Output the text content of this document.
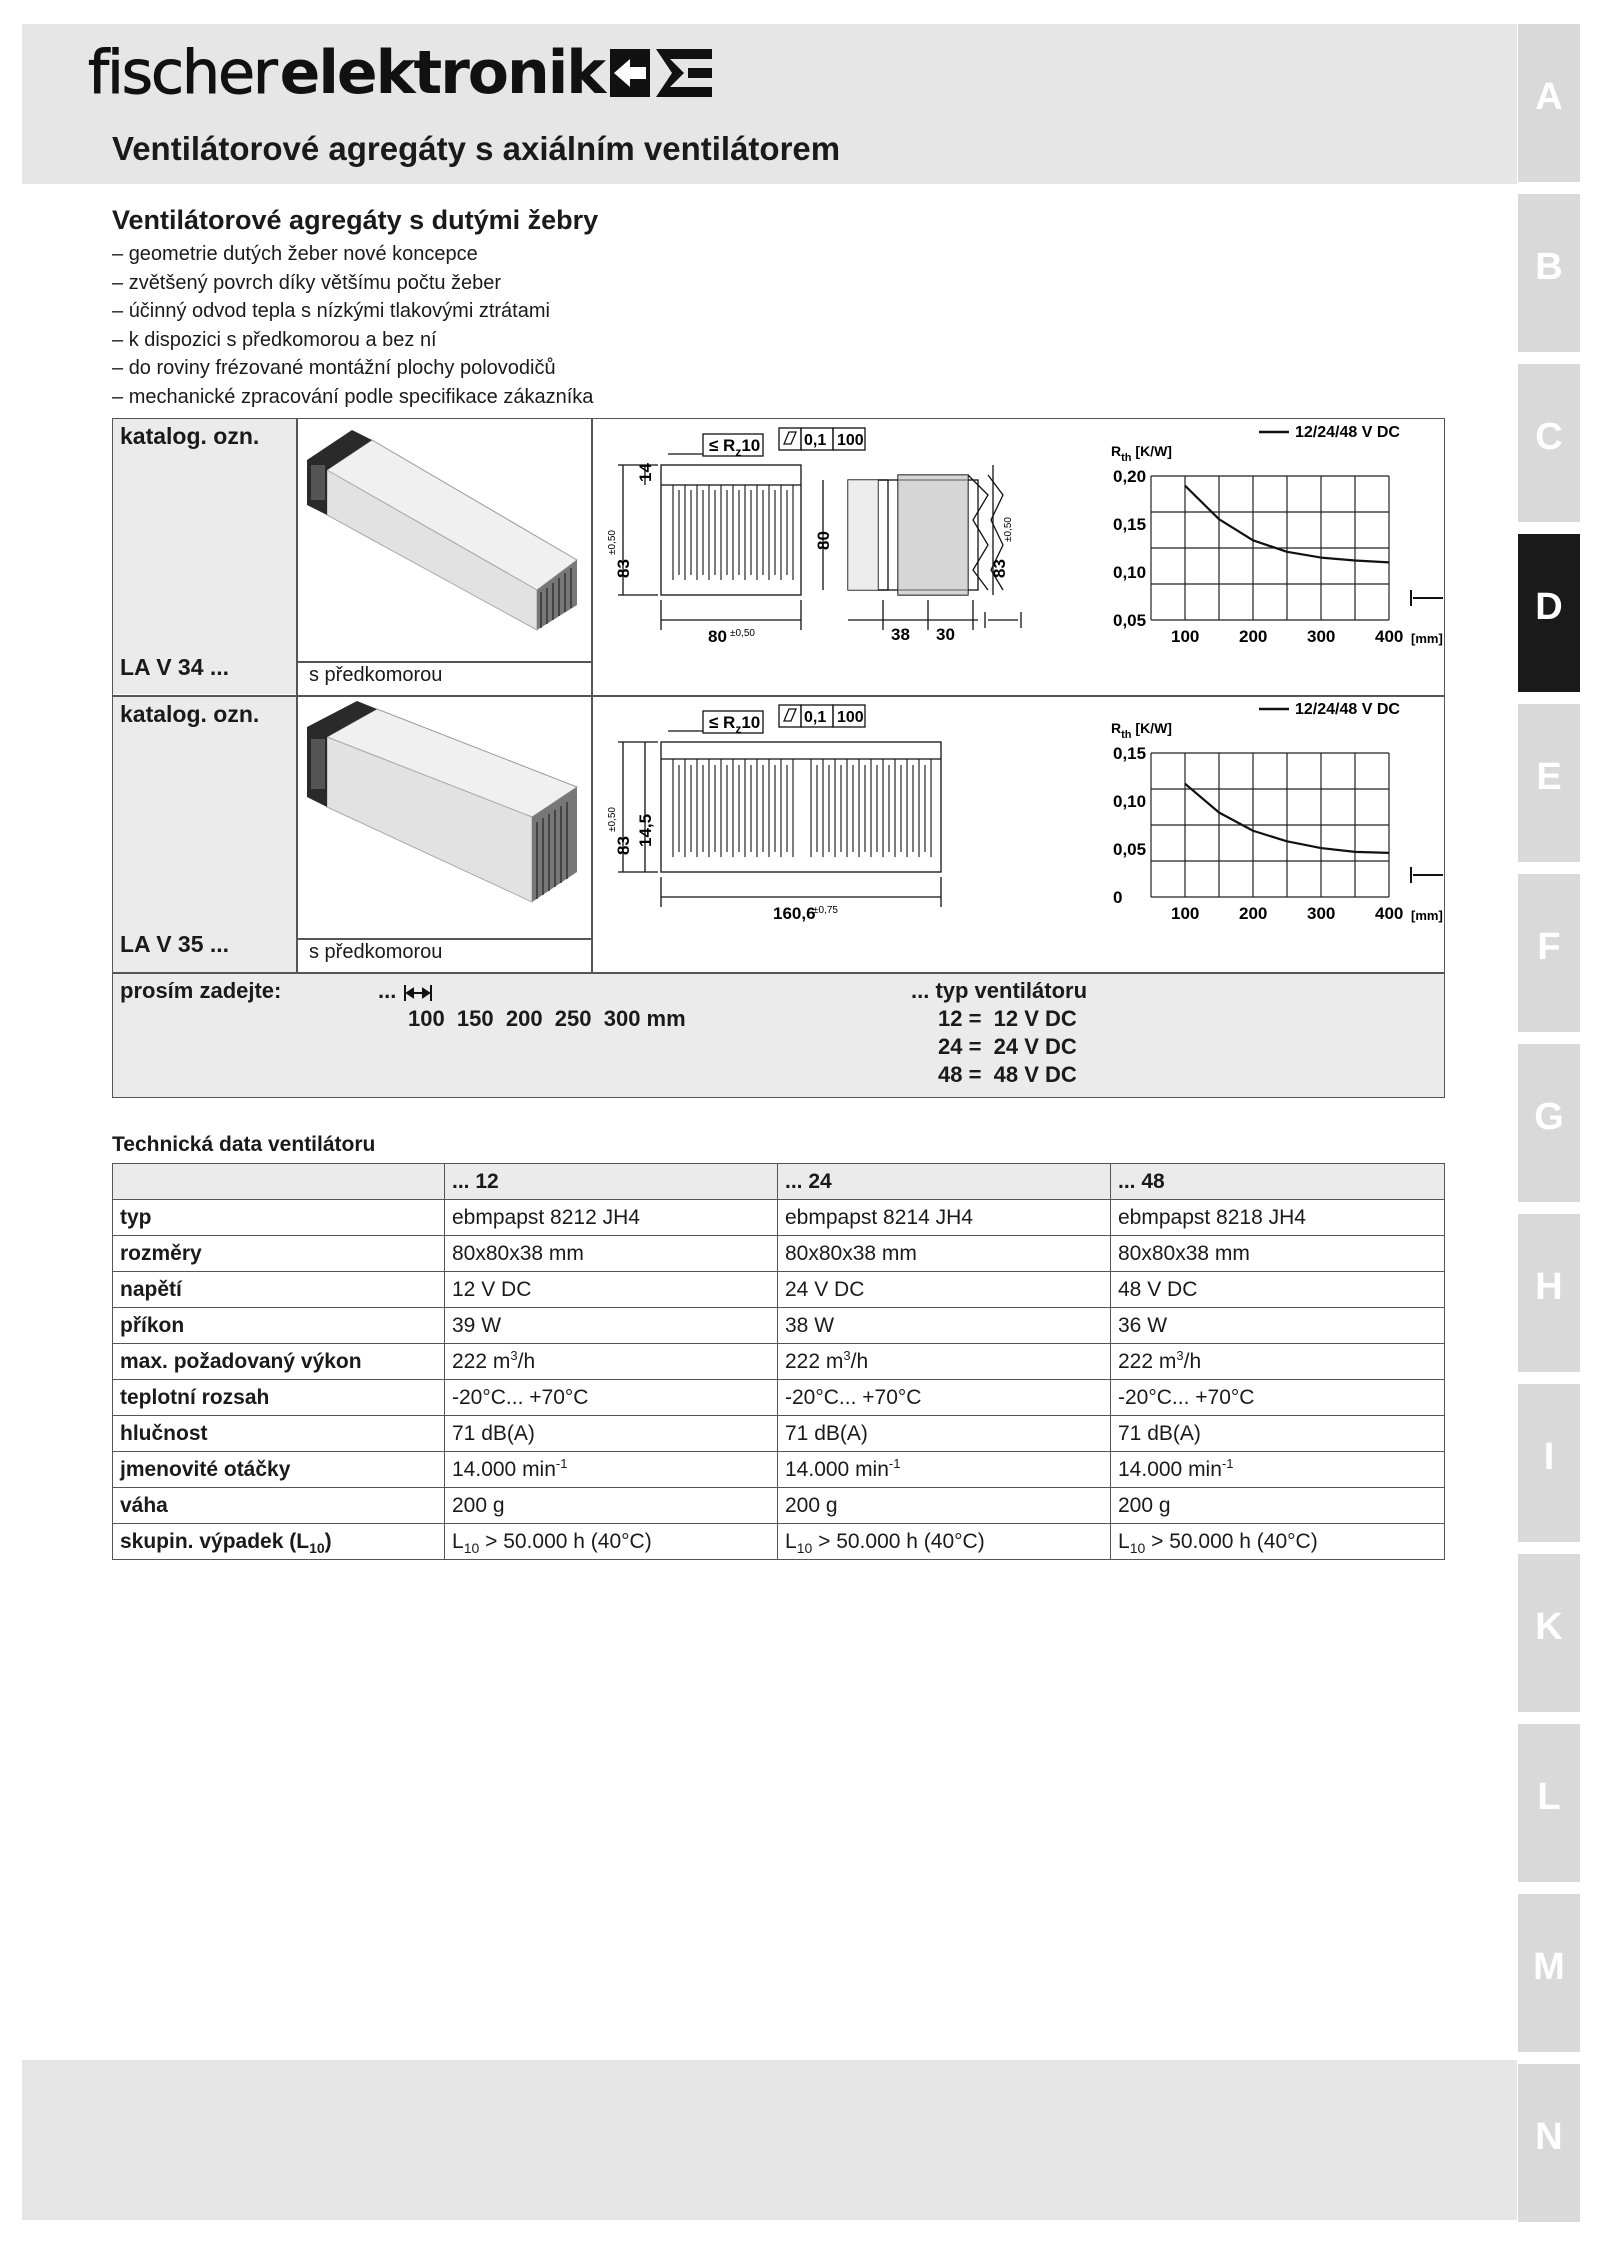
fischer elektronik
Ventilátorové agregáty s axiálním ventilátorem
A
B
C
D
E
F
G
H
I
K
L
M
N
Ventilátorové agregáty s dutými žebry
– geometrie dutých žeber nové koncepce
– zvětšený povrch díky většímu počtu žeber
– účinný odvod tepla s nízkými tlakovými ztrátami
– k dispozici s předkomorou a bez ní
– do roviny frézované montážní plochy polovodičů
– mechanické zpracování podle specifikace zákazníka
katalog. ozn.
LA V 34 ...	s předkomorou
katalog. ozn.
LA V 35 ...	s předkomorou
≤ $R_z10$	0,1 100
80 ±0,50
83
±0,50
14
80
83
±0,50
38 30
≤ $R_z10$	0,1 100
160,6
±0,75
83
±0,50 14,5
0,05
0,10
0,15
0,20
100 200 300 400
$R_{th}$ [K/W]
[mm]
12/24/48 V DC
0
0,05
0,10
0,15
100 200 300 400
$R_{th}$ [K/W]
[mm]
12/24/48 V DC
prosím zadejte:	...
100  150  200  250  300 mm
... typ ventilátoru
12 =  12 V DC
24 =  24 V DC
48 =  48 V DC
Technická data ventilátoru
	... 12	... 24	... 48
typ	ebmpapst 8212 JH4	ebmpapst 8214 JH4	ebmpapst 8218 JH4
rozměry	80x80x38 mm	80x80x38 mm	80x80x38 mm
napětí	12 V DC	24 V DC	48 V DC
příkon	39 W	38 W	36 W
max. požadovaný výkon	222 $m^3/h$	222 $m^3/h$	222 $m^3/h$
teplotní rozsah	-20°C... +70°C	-20°C... +70°C	-20°C... +70°C
hlučnost	71 dB(A)	71 dB(A)	71 dB(A)
jmenovité otáčky	14.000 $\min^{-1}$	14.000 $\min^{-1}$	14.000 $\min^{-1}$
váha	200 g	200 g	200 g
skupin. výpadek $(L_{10})$	$L_{10} > 50.000$ h (40°C)	$L_{10} > 50.000$ h (40°C)	$L_{10} > 50.000$ h (40°C)
